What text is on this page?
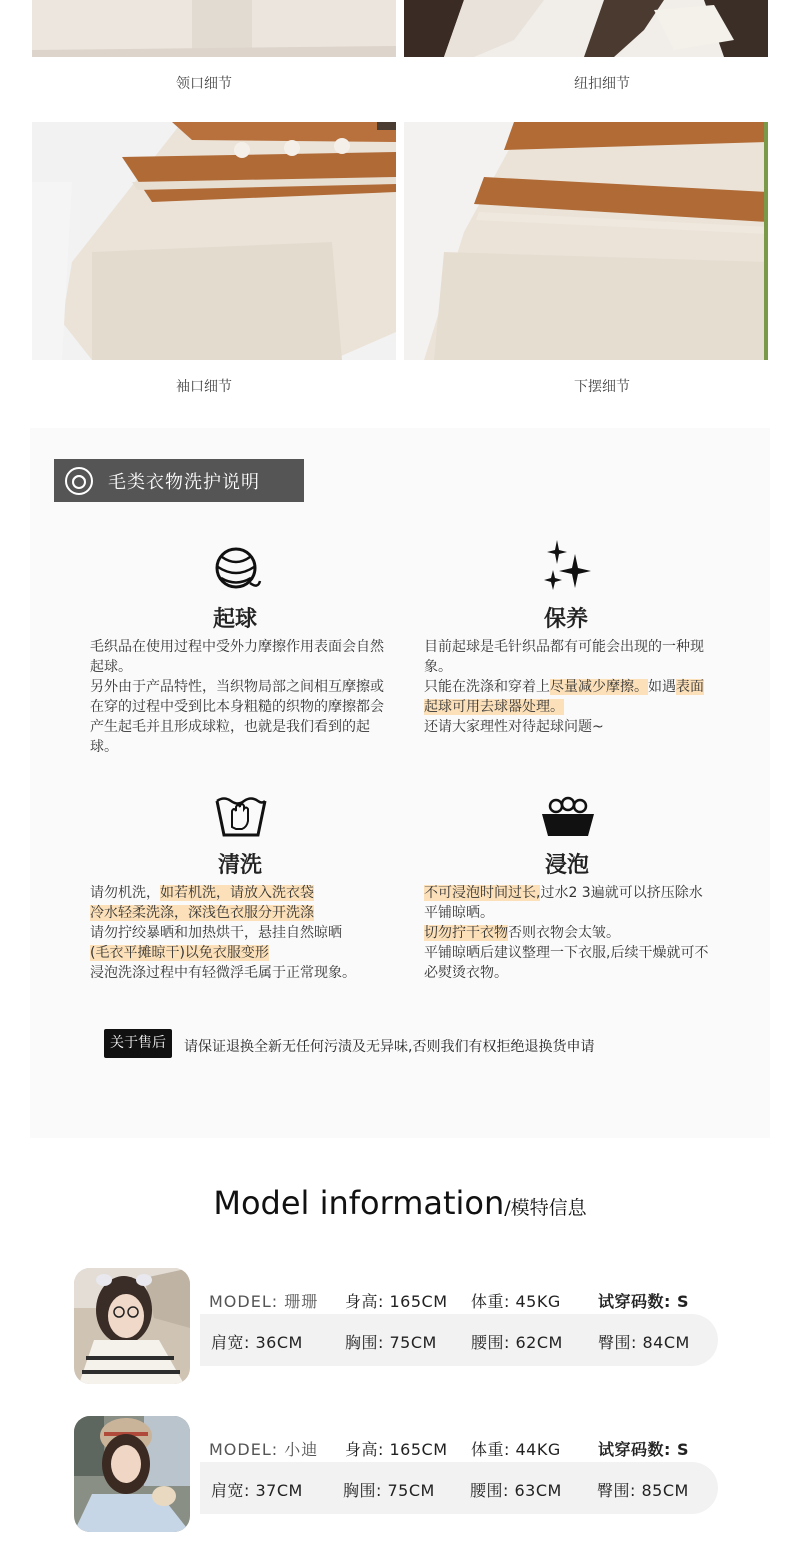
领口细节	纽扣细节
袖口细节	下摆细节
毛类衣物洗护说明
起球

毛织品在使用过程中受外力摩擦作用表面会自然起球。

另外由于产品特性，当织物局部之间相互摩擦或在穿的过程中受到比本身粗糙的织物的摩擦都会产生起毛并且形成球粒，也就是我们看到的起球。

保养

目前起球是毛针织品都有可能会出现的一种现象。

只能在洗涤和穿着上尽量减少摩擦。如遇表面起球可用去球器处理。

还请大家理性对待起球问题~

清洗

请勿机洗，如若机洗，请放入洗衣袋

冷水轻柔洗涤，深浅色衣服分开洗涤

请勿拧绞暴晒和加热烘干，悬挂自然晾晒

(毛衣平摊晾干)以免衣服变形

浸泡洗涤过程中有轻微浮毛属于正常现象。

浸泡

不可浸泡时间过长,过水2 3遍就可以挤压除水平铺晾晒。

切勿拧干衣物否则衣物会太皱。

平铺晾晒后建议整理一下衣服,后续干燥就可不必熨烫衣物。

关于售后	请保证退换全新无任何污渍及无异味,否则我们有权拒绝退换货申请
Model information/模特信息
MODEL: 珊珊 身高: 165CM 体重: 45KG 试穿码数: S
肩宽: 36CM	胸围: 75CM 腰围: 62CM 臀围: 84CM
MODEL: 小迪 身高: 165CM 体重: 44KG 试穿码数: S
肩宽: 37CM	胸围: 75CM 腰围: 63CM 臀围: 85CM
